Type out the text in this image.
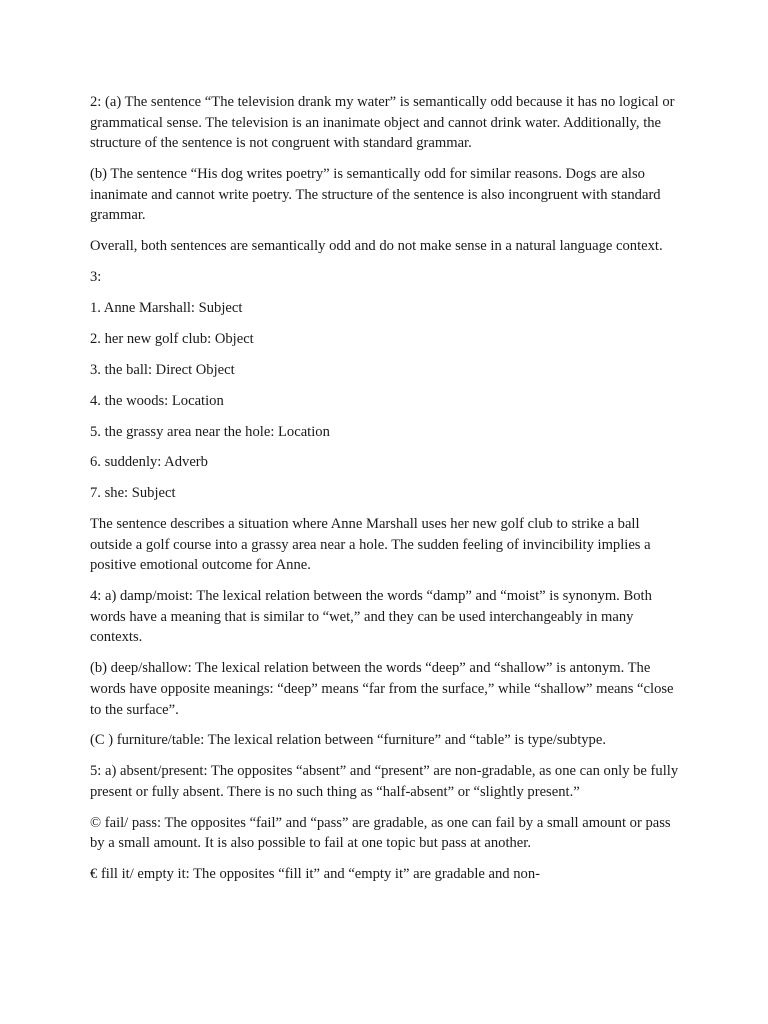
2: (a) The sentence “The television drank my water” is semantically odd because it has no logical or grammatical sense. The television is an inanimate object and cannot drink water. Additionally, the structure of the sentence is not congruent with standard grammar.

(b) The sentence “His dog writes poetry” is semantically odd for similar reasons. Dogs are also inanimate and cannot write poetry. The structure of the sentence is also incongruent with standard grammar.

Overall, both sentences are semantically odd and do not make sense in a natural language context.

3:

1. Anne Marshall: Subject

2. her new golf club: Object

3. the ball: Direct Object

4. the woods: Location

5. the grassy area near the hole: Location

6. suddenly: Adverb

7. she: Subject

The sentence describes a situation where Anne Marshall uses her new golf club to strike a ball outside a golf course into a grassy area near a hole. The sudden feeling of invincibility implies a positive emotional outcome for Anne.

4: a) damp/moist: The lexical relation between the words “damp” and “moist” is synonym. Both words have a meaning that is similar to “wet,” and they can be used interchangeably in many contexts.

(b) deep/shallow: The lexical relation between the words “deep” and “shallow” is antonym. The words have opposite meanings: “deep” means “far from the surface,” while “shallow” means “close to the surface”.

(C ) furniture/table: The lexical relation between “furniture” and “table” is type/subtype.

5: a) absent/present: The opposites “absent” and “present” are non-gradable, as one can only be fully present or fully absent. There is no such thing as “half-absent” or “slightly present.”

© fail/ pass: The opposites “fail” and “pass” are gradable, as one can fail by a small amount or pass by a small amount. It is also possible to fail at one topic but pass at another.

€ fill it/ empty it: The opposites “fill it” and “empty it” are gradable and non-
